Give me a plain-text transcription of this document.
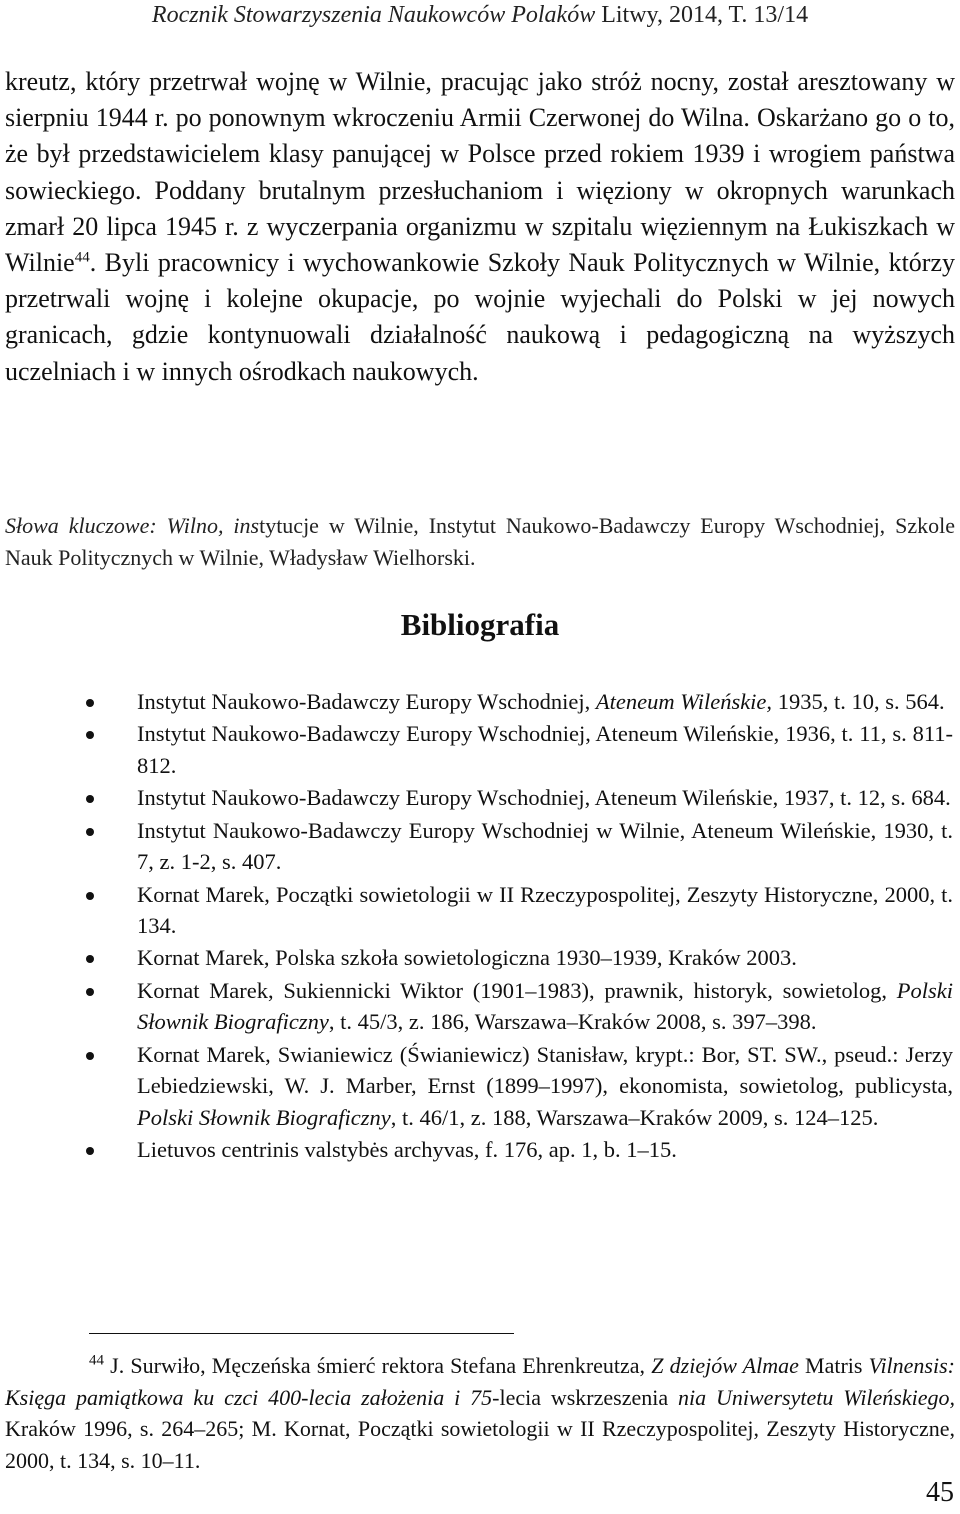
Rocznik Stowarzyszenia Naukowców Polaków Litwy, 2014, T. 13/14

kreutz, który przetrwał wojnę w Wilnie, pracując jako stróż nocny, został aresztowany w sierpniu 1944 r. po ponownym wkroczeniu Armii Czerwonej do Wilna. Oskarżano go o to, że był przedstawicielem klasy panującej w Polsce przed rokiem 1939 i wrogiem państwa sowieckiego. Poddany brutalnym przesłuchaniom i więziony w okropnych warunkach zmarł 20 lipca 1945 r. z wyczerpania organizmu w szpitalu więziennym na Łukiszkach w Wilnie$^{44}$. Byli pracownicy i wychowankowie Szkoły Nauk Politycznych w Wilnie, którzy przetrwali wojnę i kolejne okupacje, po wojnie wyjechali do Polski w jej nowych granicach, gdzie kontynuowali działalność naukową i pedagogiczną na wyższych uczelniach i w innych ośrodkach naukowych.

Słowa kluczowe: Wilno, instytucje w Wilnie, Instytut Naukowo-Badawczy Europy Wschodniej, Szkole Nauk Politycznych w Wilnie, Władysław Wielhorski.

Bibliografia
Instytut Naukowo-Badawczy Europy Wschodniej, Ateneum Wileńskie, 1935, t. 10, s. 564.
Instytut Naukowo-Badawczy Europy Wschodniej, Ateneum Wileńskie, 1936, t. 11, s. 811-812.
Instytut Naukowo-Badawczy Europy Wschodniej, Ateneum Wileńskie, 1937, t. 12, s. 684.
Instytut Naukowo-Badawczy Europy Wschodniej w Wilnie, Ateneum Wileńskie, 1930, t. 7, z. 1-2, s. 407.
Kornat Marek, Początki sowietologii w II Rzeczypospolitej, Zeszyty Historyczne, 2000, t. 134.
Kornat Marek, Polska szkoła sowietologiczna 1930–1939, Kraków 2003.
Kornat Marek, Sukiennicki Wiktor (1901–1983), prawnik, historyk, sowietolog, Polski Słownik Biograficzny, t. 45/3, z. 186, Warszawa–Kraków 2008, s. 397–398.
Kornat Marek, Swianiewicz (Świaniewicz) Stanisław, krypt.: Bor, ST. SW., pseud.: Jerzy Lebiedziewski, W. J. Marber, Ernst (1899–1997), ekonomista, sowietolog, publicysta, Polski Słownik Biograficzny, t. 46/1, z. 188, Warszawa–Kraków 2009, s. 124–125.
Lietuvos centrinis valstybės archyvas, f. 176, ap. 1, b. 1–15.

$^{44}$ J. Surwiło, Męczeńska śmierć rektora Stefana Ehrenkreutza, Z dziejów Almae Matris Vilnensis: Księga pamiątkowa ku czci 400-lecia założenia i 75-lecia wskrzeszenia nia Uniwersytetu Wileńskiego, Kraków 1996, s. 264–265; M. Kornat, Początki sowietologii w II Rzeczypospolitej, Zeszyty Historyczne, 2000, t. 134, s. 10–11.

45
